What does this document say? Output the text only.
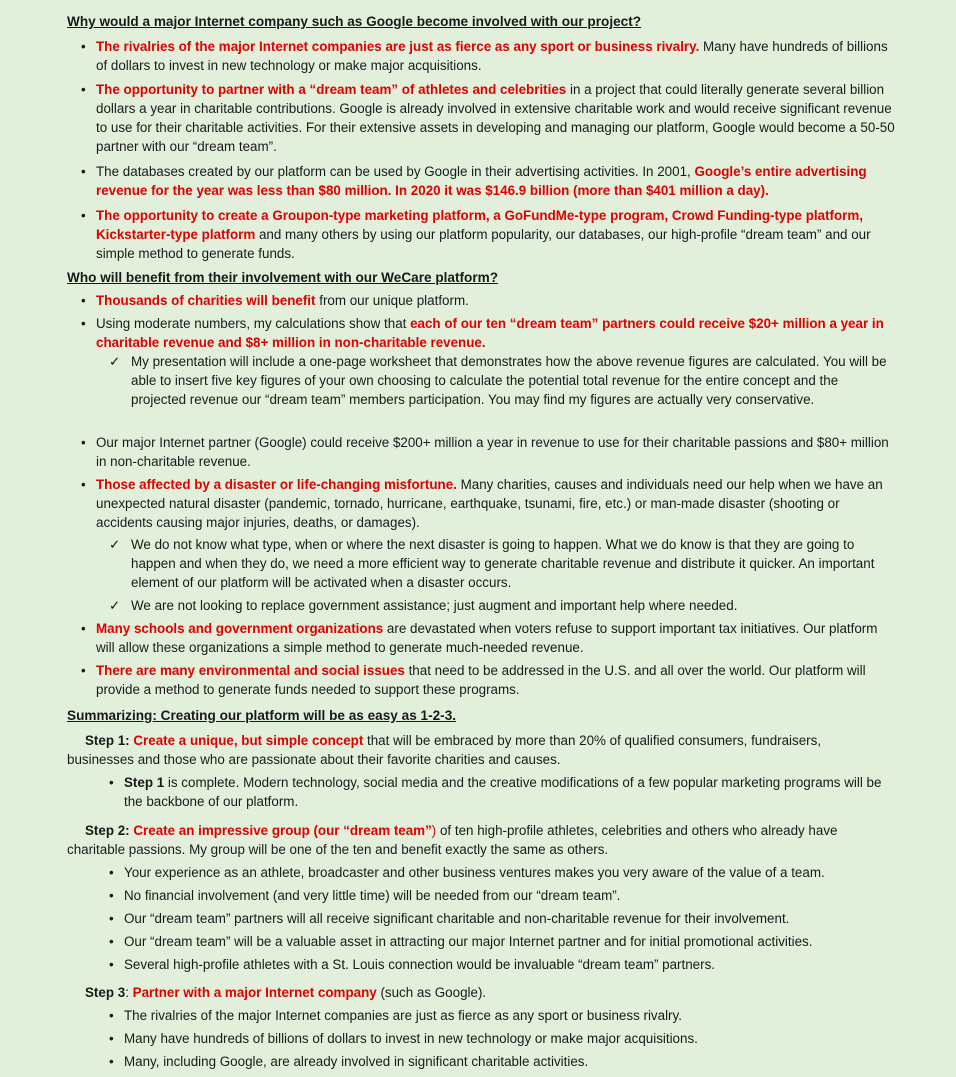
Why would a major Internet company such as Google become involved with our project?

• The rivalries of the major Internet companies are just as fierce as any sport or business rivalry. Many have hundreds of billions of dollars to invest in new technology or make major acquisitions.

• The opportunity to partner with a “dream team” of athletes and celebrities in a project that could literally generate several billion dollars a year in charitable contributions. Google is already involved in extensive charitable work and would receive significant revenue to use for their charitable activities. For their extensive assets in developing and managing our platform, Google would become a 50-50 partner with our “dream team”.

• The databases created by our platform can be used by Google in their advertising activities. In 2001, Google’s entire advertising revenue for the year was less than $80 million. In 2020 it was $146.9 billion (more than $401 million a day).

• The opportunity to create a Groupon-type marketing platform, a GoFundMe-type program, Crowd Funding-type platform, Kickstarter-type platform and many others by using our platform popularity, our databases, our high-profile “dream team” and our simple method to generate funds.

Who will benefit from their involvement with our WeCare platform?

• Thousands of charities will benefit from our unique platform.

• Using moderate numbers, my calculations show that each of our ten “dream team” partners could receive $20+ million a year in charitable revenue and $8+ million in non-charitable revenue.

✓ My presentation will include a one-page worksheet that demonstrates how the above revenue figures are calculated. You will be able to insert five key figures of your own choosing to calculate the potential total revenue for the entire concept and the projected revenue our “dream team” members participation. You may find my figures are actually very conservative.

• Our major Internet partner (Google) could receive $200+ million a year in revenue to use for their charitable passions and $80+ million in non-charitable revenue.

• Those affected by a disaster or life-changing misfortune. Many charities, causes and individuals need our help when we have an unexpected natural disaster (pandemic, tornado, hurricane, earthquake, tsunami, fire, etc.) or man-made disaster (shooting or accidents causing major injuries, deaths, or damages).

✓ We do not know what type, when or where the next disaster is going to happen. What we do know is that they are going to happen and when they do, we need a more efficient way to generate charitable revenue and distribute it quicker. An important element of our platform will be activated when a disaster occurs.

✓ We are not looking to replace government assistance; just augment and important help where needed.

• Many schools and government organizations are devastated when voters refuse to support important tax initiatives. Our platform will allow these organizations a simple method to generate much-needed revenue.

• There are many environmental and social issues that need to be addressed in the U.S. and all over the world. Our platform will provide a method to generate funds needed to support these programs.

Summarizing: Creating our platform will be as easy as 1-2-3.

Step 1: Create a unique, but simple concept that will be embraced by more than 20% of qualified consumers, fundraisers, businesses and those who are passionate about their favorite charities and causes.

• Step 1 is complete. Modern technology, social media and the creative modifications of a few popular marketing programs will be the backbone of our platform.

Step 2: Create an impressive group (our “dream team”) of ten high-profile athletes, celebrities and others who already have charitable passions. My group will be one of the ten and benefit exactly the same as others.

• Your experience as an athlete, broadcaster and other business ventures makes you very aware of the value of a team.

• No financial involvement (and very little time) will be needed from our “dream team”.

• Our “dream team” partners will all receive significant charitable and non-charitable revenue for their involvement.

• Our “dream team” will be a valuable asset in attracting our major Internet partner and for initial promotional activities.

• Several high-profile athletes with a St. Louis connection would be invaluable “dream team” partners.

Step 3: Partner with a major Internet company (such as Google).

• The rivalries of the major Internet companies are just as fierce as any sport or business rivalry.

• Many have hundreds of billions of dollars to invest in new technology or make major acquisitions.

• Many, including Google, are already involved in significant charitable activities.
